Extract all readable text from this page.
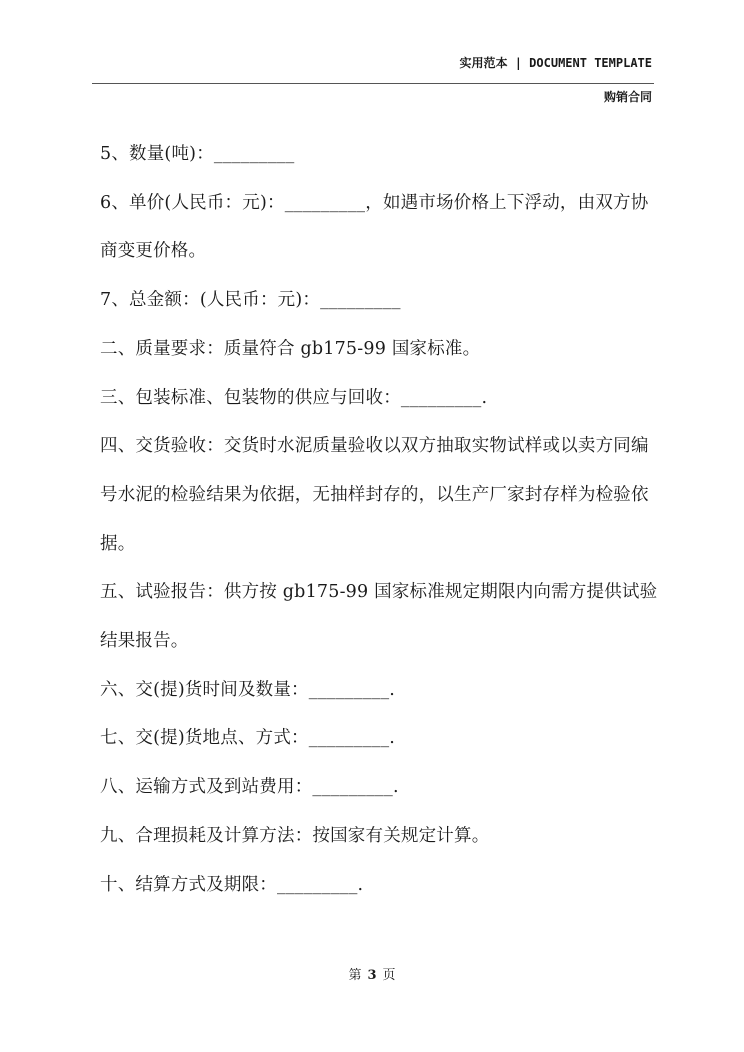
实用范本 | DOCUMENT TEMPLATE
购销合同

5、数量(吨)：_________

6、单价(人民币：元)：_________，如遇市场价格上下浮动，由双方协商变更价格。

7、总金额：(人民币：元)：_________

二、质量要求：质量符合 gb175-99 国家标准。

三、包装标准、包装物的供应与回收：_________.

四、交货验收：交货时水泥质量验收以双方抽取实物试样或以卖方同编号水泥的检验结果为依据，无抽样封存的，以生产厂家封存样为检验依据。

五、试验报告：供方按 gb175-99 国家标准规定期限内向需方提供试验结果报告。

六、交(提)货时间及数量：_________.

七、交(提)货地点、方式：_________.

八、运输方式及到站费用：_________.

九、合理损耗及计算方法：按国家有关规定计算。

十、结算方式及期限：_________.

第 3 页
